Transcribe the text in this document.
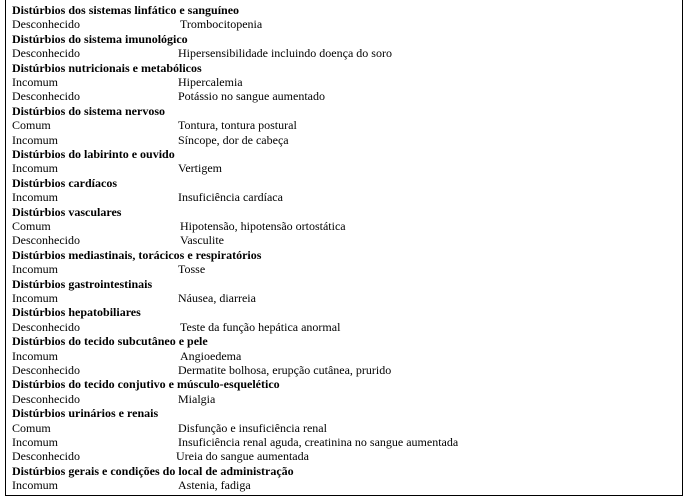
Distúrbios dos sistemas linfático e sanguíneo
Desconhecido	Trombocitopenia
Distúrbios do sistema imunológico
Desconhecido	Hipersensibilidade incluindo doença do soro
Distúrbios nutricionais e metabólicos
Incomum	Hipercalemia
Desconhecido	Potássio no sangue aumentado
Distúrbios do sistema nervoso
Comum	Tontura, tontura postural
Incomum	Síncope, dor de cabeça
Distúrbios do labirinto e ouvido
Incomum	Vertigem
Distúrbios cardíacos
Incomum	Insuficiência cardíaca
Distúrbios vasculares
Comum	Hipotensão, hipotensão ortostática
Desconhecido	Vasculite
Distúrbios mediastinais, torácicos e respiratórios
Incomum	Tosse
Distúrbios gastrointestinais
Incomum	Náusea, diarreia
Distúrbios hepatobiliares
Desconhecido	Teste da função hepática anormal
Distúrbios do tecido subcutâneo e pele
Incomum	Angioedema
Desconhecido	Dermatite bolhosa, erupção cutânea, prurido
Distúrbios do tecido conjutivo e músculo-esquelético
Desconhecido	Mialgia
Distúrbios urinários e renais
Comum	Disfunção e insuficiência renal
Incomum	Insuficiência renal aguda, creatinina no sangue aumentada
Desconhecido	Ureia do sangue aumentada
Distúrbios gerais e condições do local de administração
Incomum	Astenia, fadiga
